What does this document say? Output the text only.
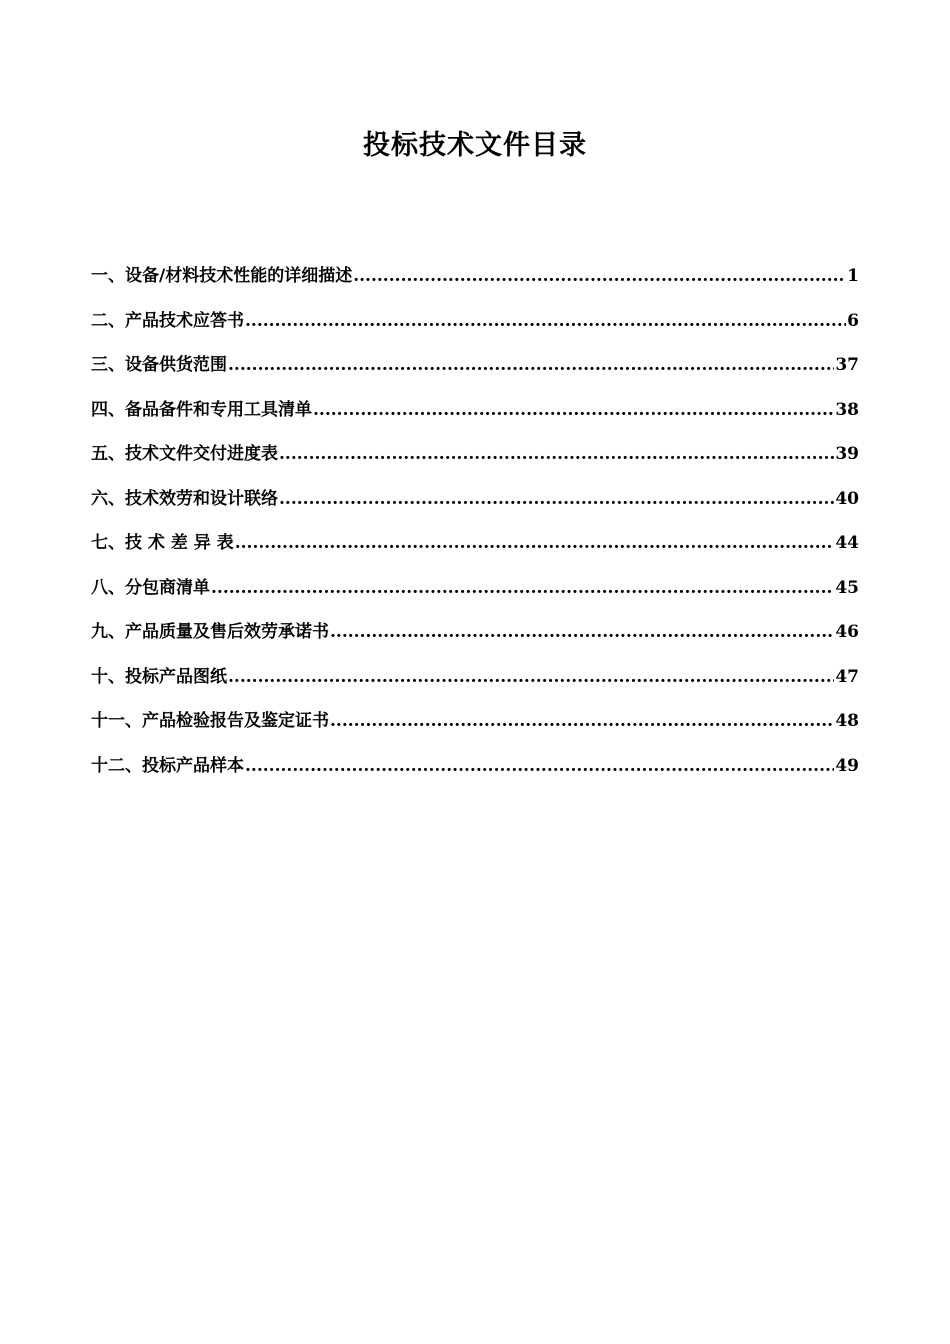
投标技术文件目录
一、设备/材料技术性能的详细描述 .....	1
二、产品技术应答书 .....	6
三、设备供货范围 .....	37
四、备品备件和专用工具清单 .....	38
五、技术文件交付进度表 .....	39
六、技术效劳和设计联络 .....	40
七、技 术 差 异 表 .....	44
八、分包商清单 .....	45
九、产品质量及售后效劳承诺书 .....	46
十、投标产品图纸 .....	47
十一、产品检验报告及鉴定证书 .....	48
十二、投标产品样本 .....	49
